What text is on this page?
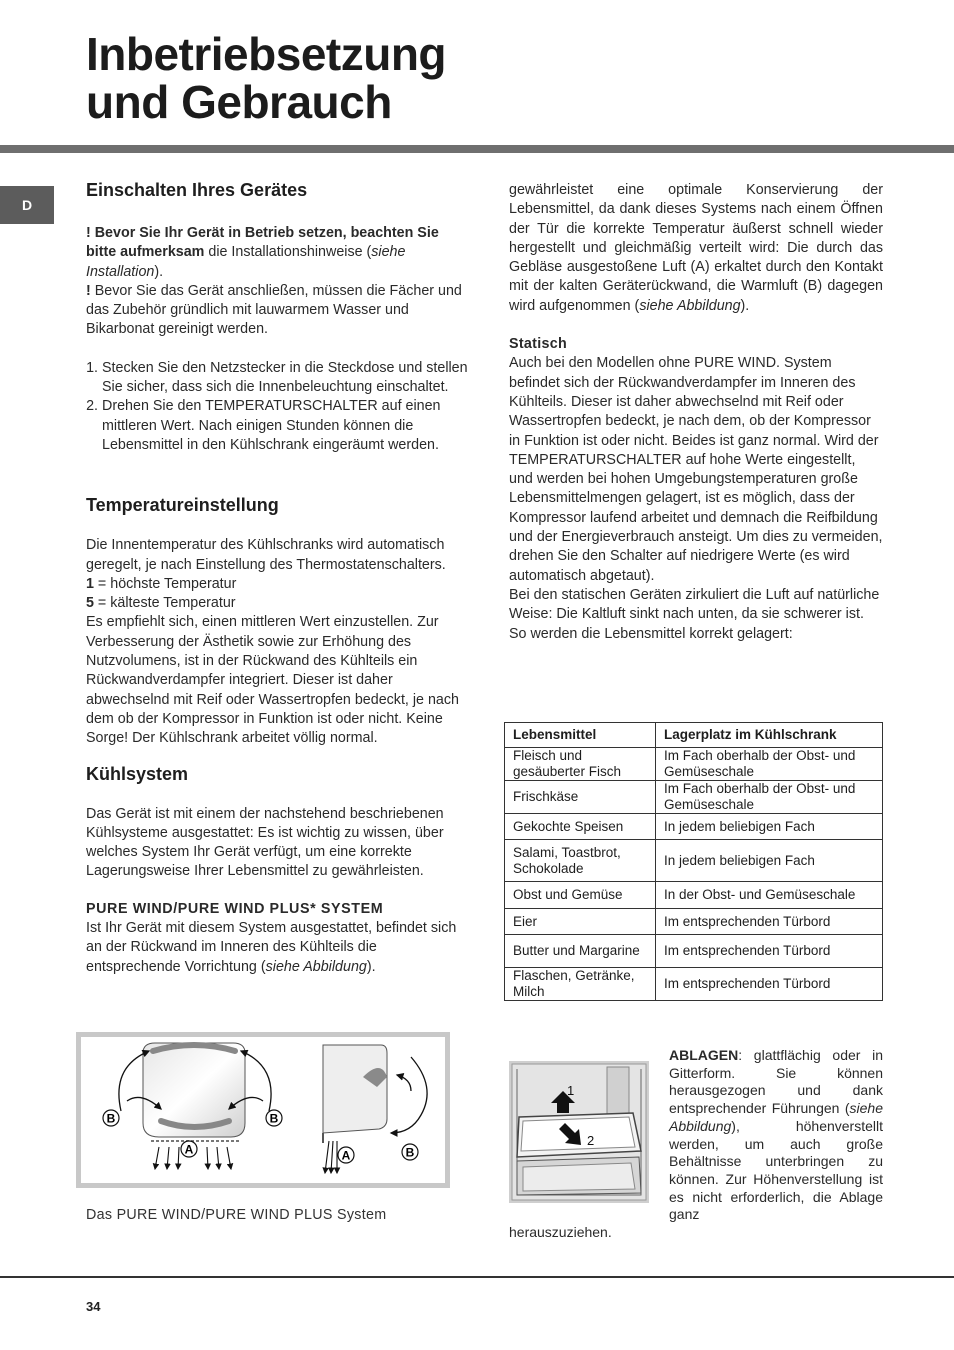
Inbetriebsetzung
und Gebrauch
D
Einschalten Ihres Gerätes

! Bevor Sie Ihr Gerät in Betrieb setzen, beachten Sie bitte aufmerksam die Installationshinweise (siehe Installation).

! Bevor Sie das Gerät anschließen, müssen die Fächer und das Zubehör gründlich mit lauwarmem Wasser und Bikarbonat gereinigt werden.

1. Stecken Sie den Netzstecker in die Steckdose und stellen Sie sicher, dass sich die Innenbeleuchtung einschaltet.
2. Drehen Sie den TEMPERATURSCHALTER auf einen mittleren Wert. Nach einigen Stunden können die Lebensmittel in den Kühlschrank eingeräumt werden.
Temperatureinstellung

Die Innentemperatur des Kühlschranks wird automatisch geregelt, je nach Einstellung des Thermostatenschalters.

1 = höchste Temperatur

5 = kälteste Temperatur

Es empfiehlt sich, einen mittleren Wert einzustellen. Zur Verbesserung der Ästhetik sowie zur Erhöhung des Nutzvolumens, ist in der Rückwand des Kühlteils ein Rückwandverdampfer integriert. Dieser ist daher abwechselnd mit Reif oder Wassertropfen bedeckt, je nach dem ob der Kompressor in Funktion ist oder nicht. Keine Sorge! Der Kühlschrank arbeitet völlig normal.

Kühlsystem

Das Gerät ist mit einem der nachstehend beschriebenen Kühlsysteme ausgestattet: Es ist wichtig zu wissen, über welches System Ihr Gerät verfügt, um eine korrekte Lagerungsweise Ihrer Lebensmittel zu gewährleisten.

PURE WIND/PURE WIND PLUS* SYSTEM

Ist Ihr Gerät mit diesem System ausgestattet, befindet sich an der Rückwand im Inneren des Kühlteils die entsprechende Vorrichtung (siehe Abbildung).

B	B
A	A	B
Das PURE WIND/PURE WIND PLUS System

gewährleistet eine optimale Konservierung der Lebensmittel, da dank dieses Systems nach einem Öffnen der Tür die korrekte Temperatur äußerst schnell wieder hergestellt und gleichmäßig verteilt wird: Die durch das Gebläse ausgestoßene Luft (A) erkaltet durch den Kontakt mit der kalten Geräterückwand, die Warmluft (B) dagegen wird aufgenommen (siehe Abbildung).

Statisch

Auch bei den Modellen ohne PURE WIND. System befindet sich der Rückwandverdampfer im Inneren des Kühlteils. Dieser ist daher abwechselnd mit Reif oder Wassertropfen bedeckt, je nach dem, ob der Kompressor in Funktion ist oder nicht. Beides ist ganz normal. Wird der TEMPERATURSCHALTER auf hohe Werte eingestellt, und werden bei hohen Umgebungstemperaturen große Lebensmittelmengen gelagert, ist es möglich, dass der Kompressor laufend arbeitet und demnach die Reifbildung und der Energieverbrauch ansteigt. Um dies zu vermeiden, drehen Sie den Schalter auf niedrigere Werte (es wird automatisch abgetaut).

Bei den statischen Geräten zirkuliert die Luft auf natürliche Weise: Die Kaltluft sinkt nach unten, da sie schwerer ist. So werden die Lebensmittel korrekt gelagert:

Lebensmittel	Lagerplatz im Kühlschrank
Fleisch und gesäuberter Fisch	Im Fach oberhalb der Obst- und Gemüseschale
Frischkäse	Im Fach oberhalb der Obst- und Gemüseschale
Gekochte Speisen	In jedem beliebigen Fach
Salami, Toastbrot, Schokolade	In jedem beliebigen Fach
Obst und Gemüse	In der Obst- und Gemüseschale
Eier	Im entsprechenden Türbord
Butter und Margarine	Im entsprechenden Türbord
Flaschen, Getränke, Milch	Im entsprechenden Türbord
1
2
ABLAGEN: glattflächig oder in Gitterform. Sie können herausgezogen und dank entsprechender Führungen (siehe Abbildung), höhenverstellt werden, um auch große Behältnisse unterbringen zu können. Zur Höhenverstellung ist es nicht erforderlich, die Ablage ganz
herauszuziehen.
34
